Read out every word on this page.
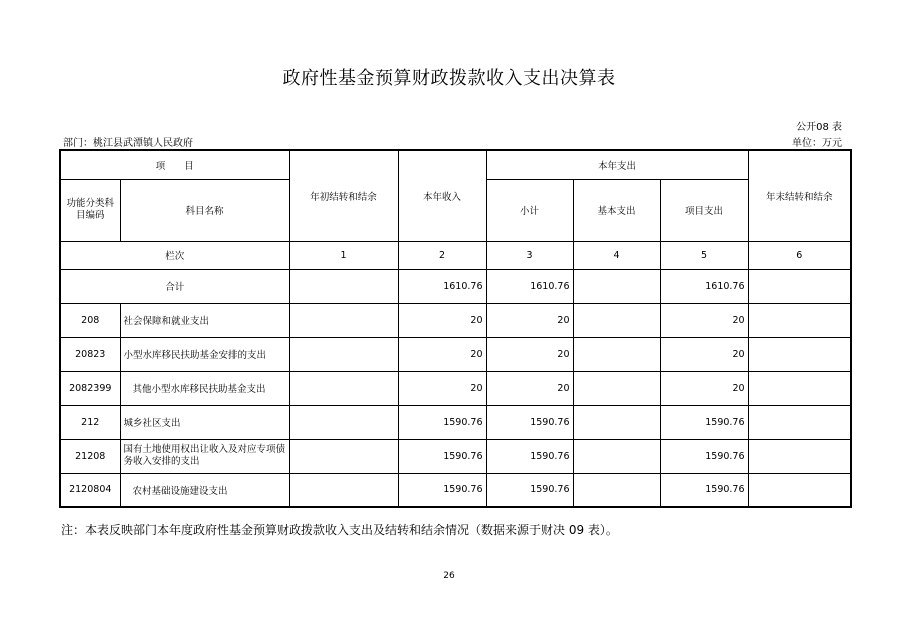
政府性基金预算财政拨款收入支出决算表
公开08 表
部门：桃江县武潭镇人民政府	单位：万元
项　　目		年初结转和结余	本年收入	本年支出			年末结转和结余
功能分类科目编码	科目名称			小计	基本支出	项目支出	
栏次		1	2	3	4	5	6
合计			1610.76	1610.76		1610.76	
208	社会保障和就业支出		20	20		20	
20823	小型水库移民扶助基金安排的支出		20	20		20	
2082399	其他小型水库移民扶助基金支出		20	20		20	
212	城乡社区支出		1590.76	1590.76		1590.76	
21208	国有土地使用权出让收入及对应专项债务收入安排的支出		1590.76	1590.76		1590.76	
2120804	农村基础设施建设支出		1590.76	1590.76		1590.76	
注：本表反映部门本年度政府性基金预算财政拨款收入支出及结转和结余情况（数据来源于财决 09 表）。
26
